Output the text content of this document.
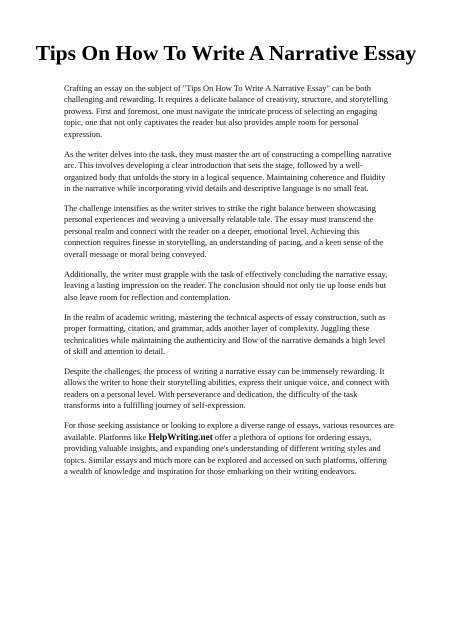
Tips On How To Write A Narrative Essay

Crafting an essay on the subject of "Tips On How To Write A Narrative Essay" can be both
challenging and rewarding. It requires a delicate balance of creativity, structure, and storytelling
prowess. First and foremost, one must navigate the intricate process of selecting an engaging
topic, one that not only captivates the reader but also provides ample room for personal
expression.

As the writer delves into the task, they must master the art of constructing a compelling narrative
arc. This involves developing a clear introduction that sets the stage, followed by a well-
organized body that unfolds the story in a logical sequence. Maintaining coherence and fluidity
in the narrative while incorporating vivid details and descriptive language is no small feat.

The challenge intensifies as the writer strives to strike the right balance between showcasing
personal experiences and weaving a universally relatable tale. The essay must transcend the
personal realm and connect with the reader on a deeper, emotional level. Achieving this
connection requires finesse in storytelling, an understanding of pacing, and a keen sense of the
overall message or moral being conveyed.

Additionally, the writer must grapple with the task of effectively concluding the narrative essay,
leaving a lasting impression on the reader. The conclusion should not only tie up loose ends but
also leave room for reflection and contemplation.

In the realm of academic writing, mastering the technical aspects of essay construction, such as
proper formatting, citation, and grammar, adds another layer of complexity. Juggling these
technicalities while maintaining the authenticity and flow of the narrative demands a high level
of skill and attention to detail.

Despite the challenges, the process of writing a narrative essay can be immensely rewarding. It
allows the writer to hone their storytelling abilities, express their unique voice, and connect with
readers on a personal level. With perseverance and dedication, the difficulty of the task
transforms into a fulfilling journey of self-expression.

For those seeking assistance or looking to explore a diverse range of essays, various resources are
available. Platforms like HelpWriting.net offer a plethora of options for ordering essays,
providing valuable insights, and expanding one's understanding of different writing styles and
topics. Similar essays and much more can be explored and accessed on such platforms, offering
a wealth of knowledge and inspiration for those embarking on their writing endeavors.
